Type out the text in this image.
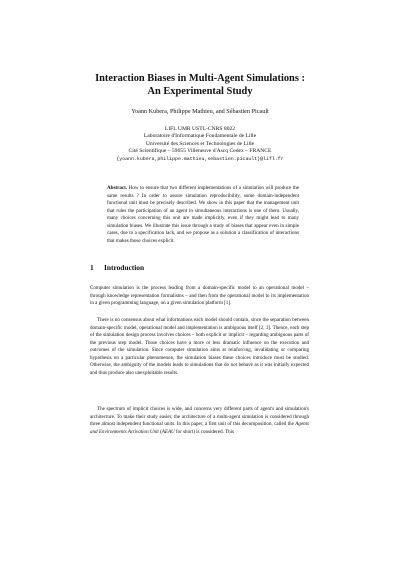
Interaction Biases in Multi-Agent Simulations :
An Experimental Study
Yoann Kubera, Philippe Mathieu, and Sébastien Picault
LIFL UMR USTL-CNRS 8022
Laboratoire d'Informatique Fondamentale de Lille
Université des Sciences et Technologies de Lille
Cité Scientifique – 59655 Villeneuve d'Ascq Cedex – FRANCE
{yoann.kubera,philippe.mathieu,sebastien.picault}@lifl.fr
Abstract. How to ensure that two different implementations of a simulation will produce the same results ? In order to assure simulation reproducibility, some domain-independent functional unit must be precisely described. We show in this paper that the management unit that rules the participation of an agent in simultaneous interactions is one of them. Usually, many choices concerning this unit are made implicitly, even if they might lead to many simulation biases. We illustrate this issue through a study of biases that appear even in simple cases, due to a specification lack, and we propose as a solution a classification of interactions that makes those choices explicit.
1 Introduction
Computer simulation is the process leading from a domain-specific model to an operational model – through knowledge representation formalisms – and then from the operational model to its implementation in a given programming language, on a given simulation platform [1].
There is no consensus about what informations each model should contain, since the separation between domain-specific model, operational model and implementation is ambiguous itself [2, 3]. Thence, each step of the simulation design process involves choices – both explicit or implicit – regarding ambiguous parts of the previous step model. Those choices have a more or less dramatic influence on the execution and outcomes of the simulation. Since computer simulation aims at reinforcing, invalidating or comparing hypothesis on a particular phenomenon, the simulation biases these choices introduce must be studied. Otherwise, the ambiguity of the models leads to simulations that do not behave as it was initially expected and thus produce also unexploitable results.
The spectrum of implicit choices is wide, and concerns very different parts of agent's and simulation's architecture. To make their study easier, the architecture of a multi-agent simulation is considered through three almost independent functional units. In this paper, a first unit of this decomposition, called the Agents and Environments Activation Unit (AEAU for short) is considered. This
